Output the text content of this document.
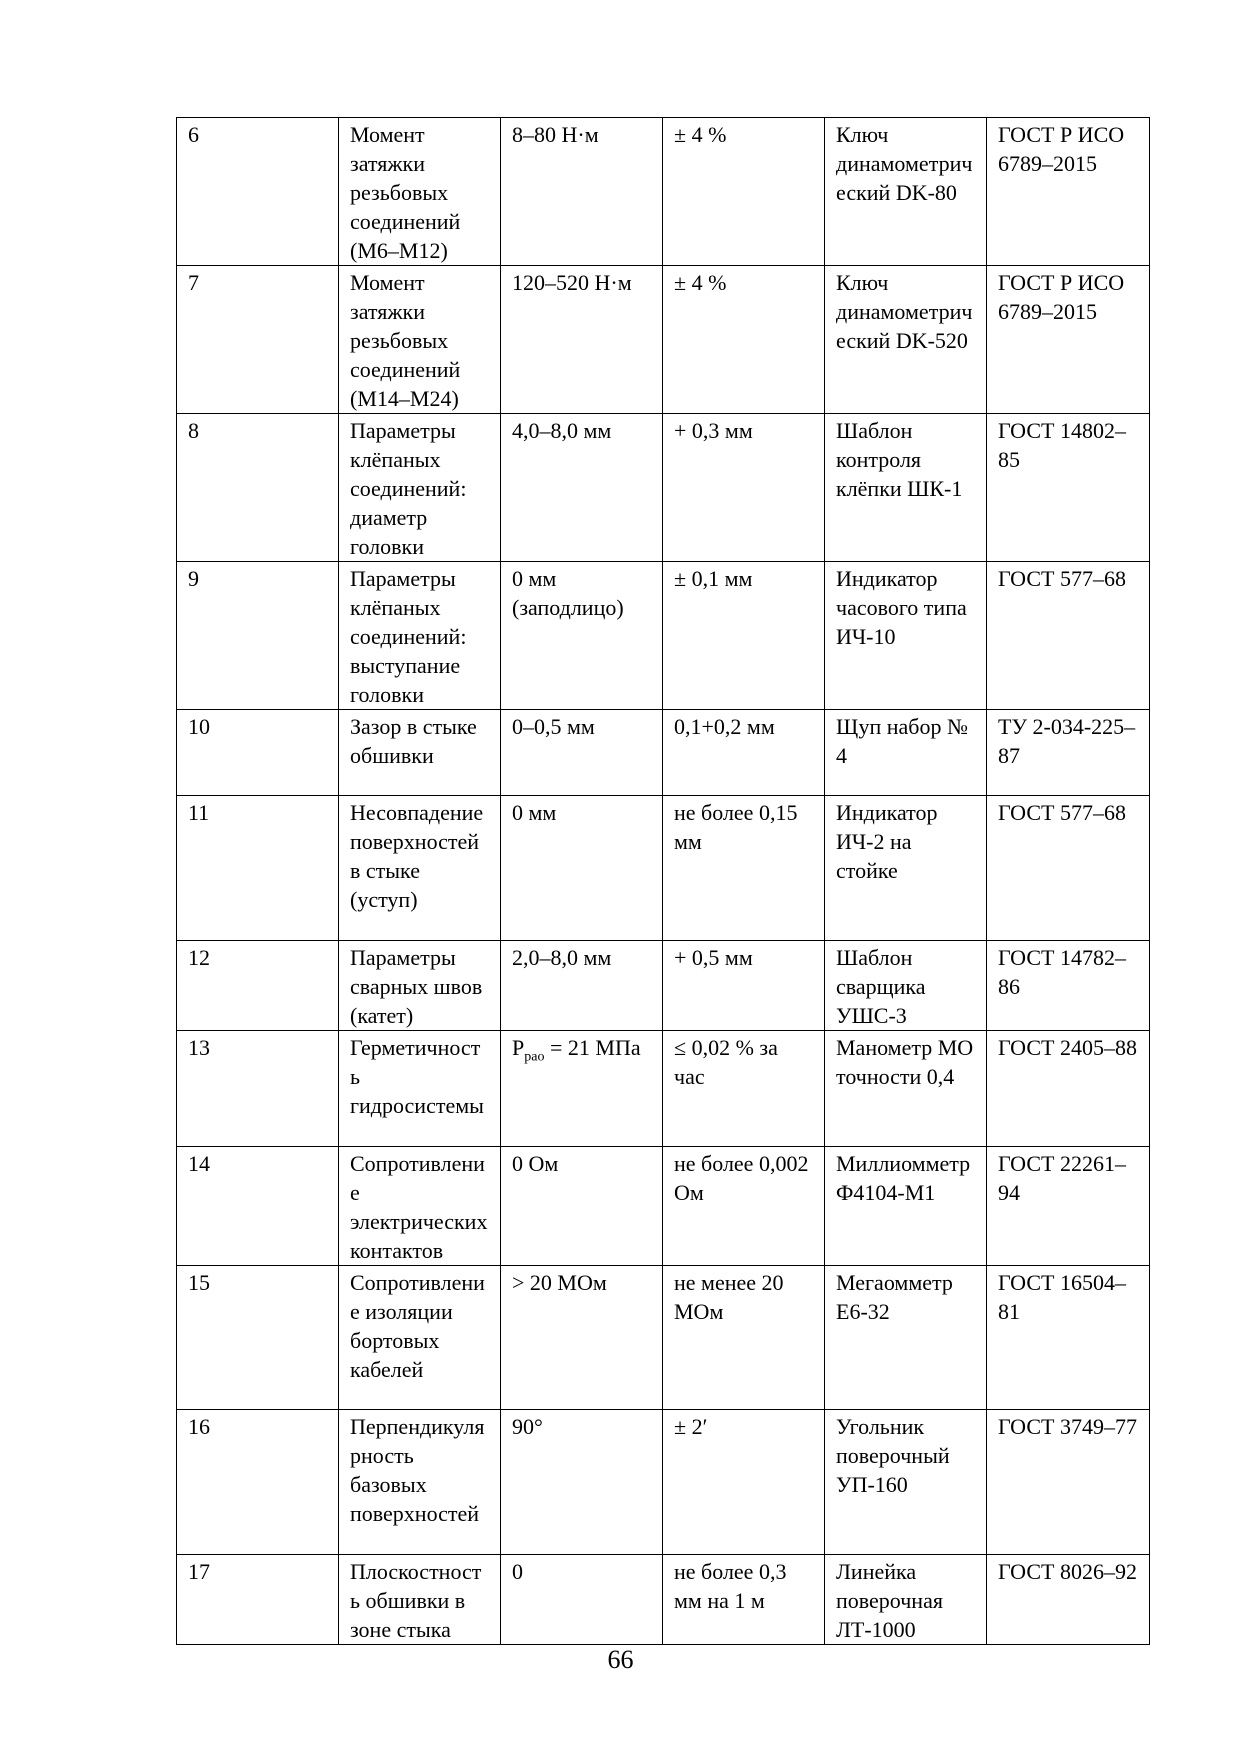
6	Момент затяжки резьбовых соединений (М6–М12)	8–80 Н·м	± 4 %	Ключ динамометрический DK-80	ГОСТ Р ИСО 6789–2015
7	Момент затяжки резьбовых соединений (М14–М24)	120–520 Н·м	± 4 %	Ключ динамометрический DK-520	ГОСТ Р ИСО 6789–2015
8	Параметры клёпаных соединений: диаметр головки	4,0–8,0 мм	+ 0,3 мм	Шаблон контроля клёпки ШК-1	ГОСТ 14802–85
9	Параметры клёпаных соединений: выступание головки	0 мм (заподлицо)	± 0,1 мм	Индикатор часового типа ИЧ-10	ГОСТ 577–68
10	Зазор в стыке обшивки	0–0,5 мм	0,1+0,2 мм	Щуп набор № 4	ТУ 2-034-225–87
11	Несовпадение поверхностей в стыке (уступ)	0 мм	не более 0,15 мм	Индикатор ИЧ-2 на стойке	ГОСТ 577–68
12	Параметры сварных швов (катет)	2,0–8,0 мм	+ 0,5 мм	Шаблон сварщика УШС-3	ГОСТ 14782–86
13	Герметичность гидросистемы	$P_{рао} = 21$ МПа	≤ 0,02 % за час	Манометр МО точности 0,4	ГОСТ 2405–88
14	Сопротивление электрических контактов	0 Ом	не более 0,002 Ом	Миллиомметр Ф4104-М1	ГОСТ 22261–94
15	Сопротивление изоляции бортовых кабелей	> 20 МОм	не менее 20 МОм	Мегаомметр Е6-32	ГОСТ 16504–81
16	Перпендикулярность базовых поверхностей	90°	± 2′	Угольник поверочный УП-160	ГОСТ 3749–77
17	Плоскостность обшивки в зоне стыка	0	не более 0,3 мм на 1 м	Линейка поверочная ЛТ-1000	ГОСТ 8026–92
66
